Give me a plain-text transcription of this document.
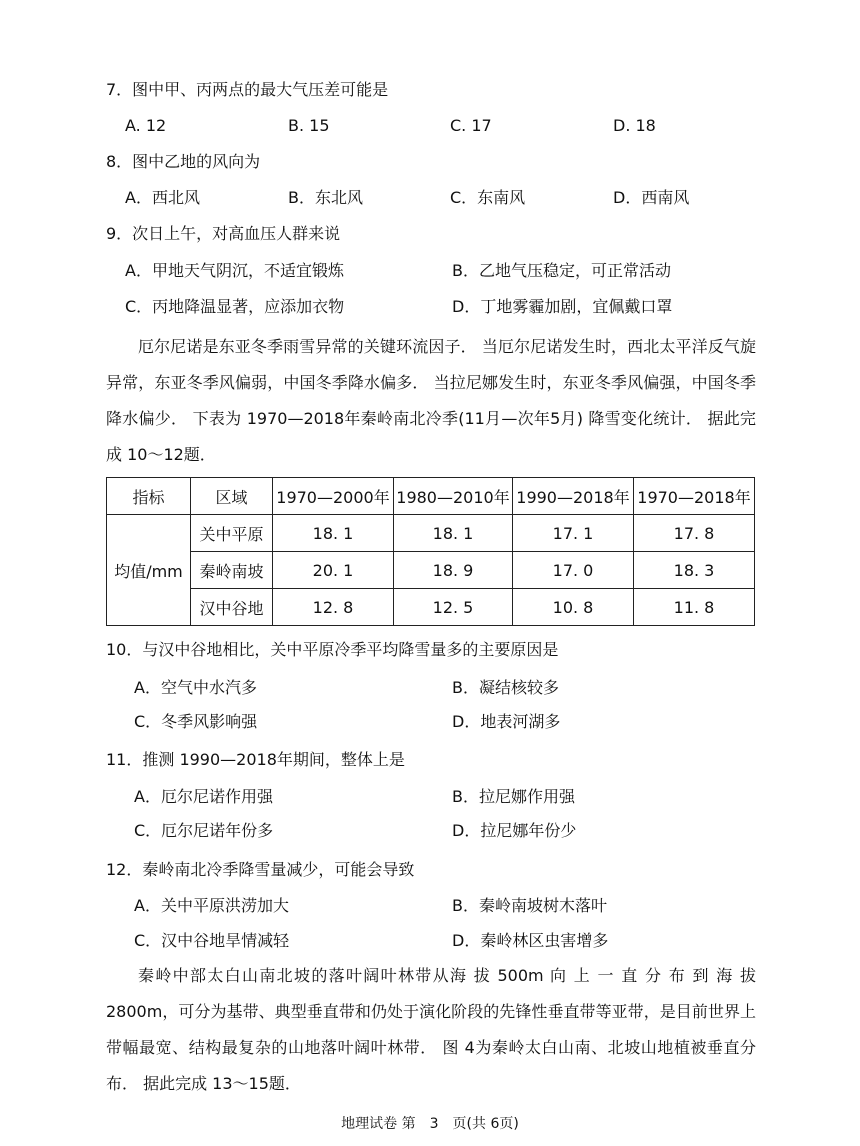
7．图中甲、丙两点的最大气压差可能是
A. 12	B. 15	C. 17	D. 18
8．图中乙地的风向为
A．西北风	B．东北风	C．东南风	D．西南风
9．次日上午，对高血压人群来说
A．甲地天气阴沉，不适宜锻炼	B．乙地气压稳定，可正常活动
C．丙地降温显著，应添加衣物	D．丁地雾霾加剧，宜佩戴口罩

厄尔尼诺是东亚冬季雨雪异常的关键环流因子． 当厄尔尼诺发生时，西北太平洋反气旋异常，东亚冬季风偏弱，中国冬季降水偏多． 当拉尼娜发生时，东亚冬季风偏强，中国冬季降水偏少． 下表为 1970—2018年秦岭南北冷季(11月—次年5月) 降雪变化统计． 据此完成 10～12题．

指标	区域	1970—2000年	1980—2010年	1990—2018年	1970—2018年
均值/mm	关中平原	18. 1	18. 1	17. 1	17. 8
	秦岭南坡	20. 1	18. 9	17. 0	18. 3
	汉中谷地	12. 8	12. 5	10. 8	11. 8
10．与汉中谷地相比，关中平原冷季平均降雪量多的主要原因是
A．空气中水汽多	B．凝结核较多
C．冬季风影响强	D．地表河湖多
11．推测 1990—2018年期间，整体上是
A．厄尔尼诺作用强	B．拉尼娜作用强
C．厄尔尼诺年份多	D．拉尼娜年份少
12．秦岭南北冷季降雪量减少，可能会导致
A．关中平原洪涝加大	B．秦岭南坡树木落叶
C．汉中谷地旱情减轻	D．秦岭林区虫害增多

秦岭中部太白山南北坡的落叶阔叶林带从海 拔 500m 向 上 一 直 分 布 到 海 拔 2800m，可分为基带、典型垂直带和仍处于演化阶段的先锋性垂直带等亚带，是目前世界上带幅最宽、结构最复杂的山地落叶阔叶林带． 图 4为秦岭太白山南、北坡山地植被垂直分布． 据此完成 13～15题．

地理试卷 第　3　页(共 6页)
